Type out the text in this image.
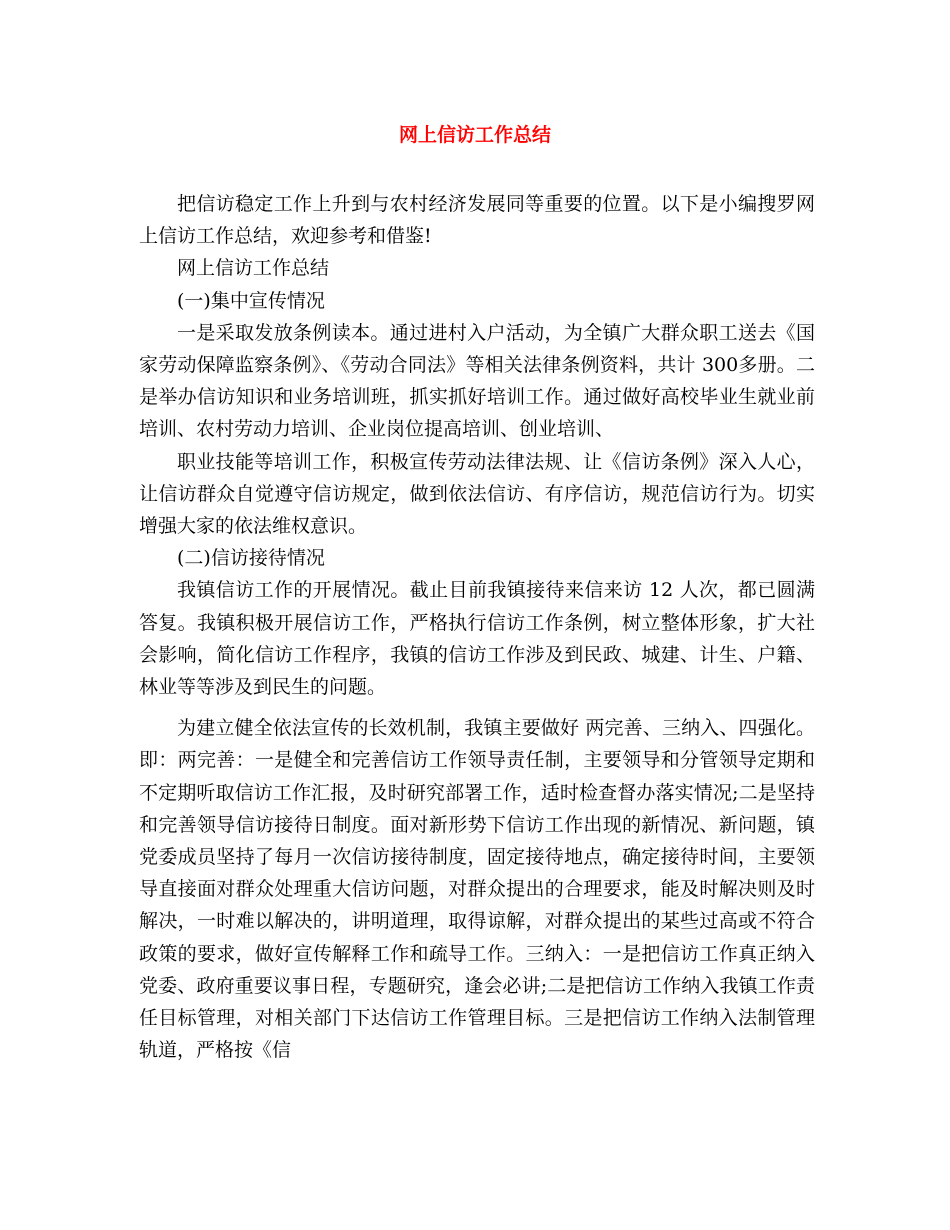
网上信访工作总结

把信访稳定工作上升到与农村经济发展同等重要的位置。以下是小编搜罗网上信访工作总结，欢迎参考和借鉴!

网上信访工作总结

(一)集中宣传情况

一是采取发放条例读本。通过进村入户活动，为全镇广大群众职工送去《国家劳动保障监察条例》、《劳动合同法》等相关法律条例资料，共计 300多册。二是举办信访知识和业务培训班，抓实抓好培训工作。通过做好高校毕业生就业前培训、农村劳动力培训、企业岗位提高培训、创业培训、

职业技能等培训工作，积极宣传劳动法律法规、让《信访条例》深入人心，让信访群众自觉遵守信访规定，做到依法信访、有序信访，规范信访行为。切实增强大家的依法维权意识。

(二)信访接待情况

我镇信访工作的开展情况。截止目前我镇接待来信来访 12 人次，都已圆满答复。我镇积极开展信访工作，严格执行信访工作条例，树立整体形象，扩大社会影响，简化信访工作程序，我镇的信访工作涉及到民政、城建、计生、户籍、林业等等涉及到民生的问题。

为建立健全依法宣传的长效机制，我镇主要做好 两完善、三纳入、四强化。即：两完善：一是健全和完善信访工作领导责任制，主要领导和分管领导定期和不定期听取信访工作汇报，及时研究部署工作，适时检查督办落实情况;二是坚持和完善领导信访接待日制度。面对新形势下信访工作出现的新情况、新问题，镇党委成员坚持了每月一次信访接待制度，固定接待地点，确定接待时间，主要领导直接面对群众处理重大信访问题，对群众提出的合理要求，能及时解决则及时解决，一时难以解决的，讲明道理，取得谅解，对群众提出的某些过高或不符合政策的要求，做好宣传解释工作和疏导工作。三纳入：一是把信访工作真正纳入党委、政府重要议事日程，专题研究，逢会必讲;二是把信访工作纳入我镇工作责任目标管理，对相关部门下达信访工作管理目标。三是把信访工作纳入法制管理轨道，严格按《信
